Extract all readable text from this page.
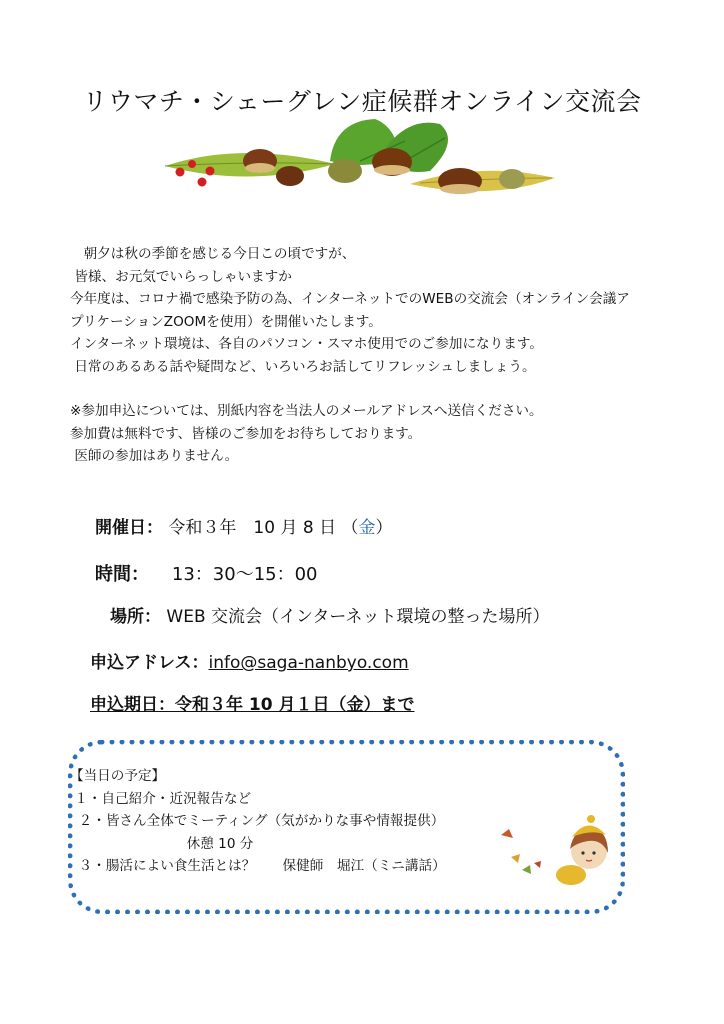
リウマチ・シェーグレン症候群オンライン交流会

　朝夕は秋の季節を感じる今日この頃ですが、

皆様、お元気でいらっしゃいますか

今年度は、コロナ禍で感染予防の為、インターネットでのWEBの交流会（オンライン会議ア

プリケーションZOOMを使用）を開催いたします。

インターネット環境は、各自のパソコン・スマホ使用でのご参加になります。

日常のあるある話や疑問など、いろいろお話してリフレッシュしましょう。

※参加申込については、別紙内容を当法人のメールアドレスへ送信ください。

参加費は無料です、皆様のご参加をお待ちしております。

医師の参加はありません。

開催日： 令和３年　10 月 8 日 （金）
時間： 13：30～15：00
場所： WEB 交流会（インターネット環境の整った場所）
申込アドレス：info@saga-nanbyo.com
申込期日：令和３年 10 月１日（金）まで

【当日の予定】

１・自己紹介・近況報告など

２・皆さん全体でミーティング（気がかりな事や情報提供）

休憩 10 分

３・腸活によい食生活とは？　　保健師　堀江（ミニ講話）
